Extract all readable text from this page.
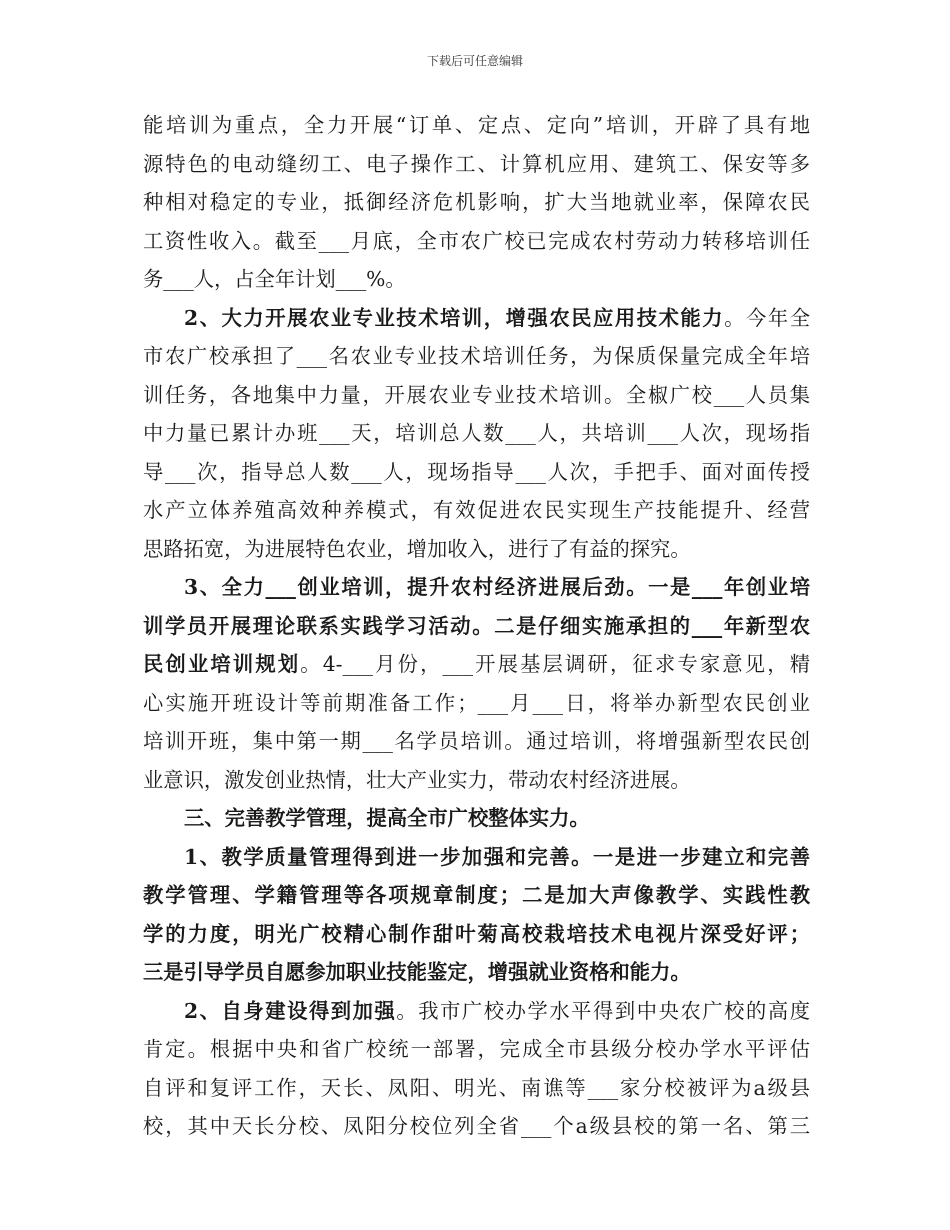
下载后可任意编辑
能培训为重点，全力开展“订单、定点、定向”培训，开辟了具有地
源特色的电动缝纫工、电子操作工、计算机应用、建筑工、保安等多
种相对稳定的专业，抵御经济危机影响，扩大当地就业率，保障农民
工资性收入。截至___月底，全市农广校已完成农村劳动力转移培训任
务___人，占全年计划___%。
2、大力开展农业专业技术培训，增强农民应用技术能力。今年全
市农广校承担了___名农业专业技术培训任务，为保质保量完成全年培
训任务，各地集中力量，开展农业专业技术培训。全椒广校___人员集
中力量已累计办班___天，培训总人数___人，共培训___人次，现场指
导___次，指导总人数___人，现场指导___人次，手把手、面对面传授
水产立体养殖高效种养模式，有效促进农民实现生产技能提升、经营
思路拓宽，为进展特色农业，增加收入，进行了有益的探究。
3、全力___创业培训，提升农村经济进展后劲。一是___年创业培
训学员开展理论联系实践学习活动。二是仔细实施承担的___年新型农
民创业培训规划。4-___月份，___开展基层调研，征求专家意见，精
心实施开班设计等前期准备工作；___月___日，将举办新型农民创业
培训开班，集中第一期___名学员培训。通过培训，将增强新型农民创
业意识，激发创业热情，壮大产业实力，带动农村经济进展。
三、完善教学管理，提高全市广校整体实力。
1、教学质量管理得到进一步加强和完善。一是进一步建立和完善
教学管理、学籍管理等各项规章制度；二是加大声像教学、实践性教
学的力度，明光广校精心制作甜叶菊高校栽培技术电视片深受好评；
三是引导学员自愿参加职业技能鉴定，增强就业资格和能力。
2、自身建设得到加强。我市广校办学水平得到中央农广校的高度
肯定。根据中央和省广校统一部署，完成全市县级分校办学水平评估
自评和复评工作，天长、凤阳、明光、南谯等___家分校被评为a级县
校，其中天长分校、凤阳分校位列全省___个a级县校的第一名、第三
